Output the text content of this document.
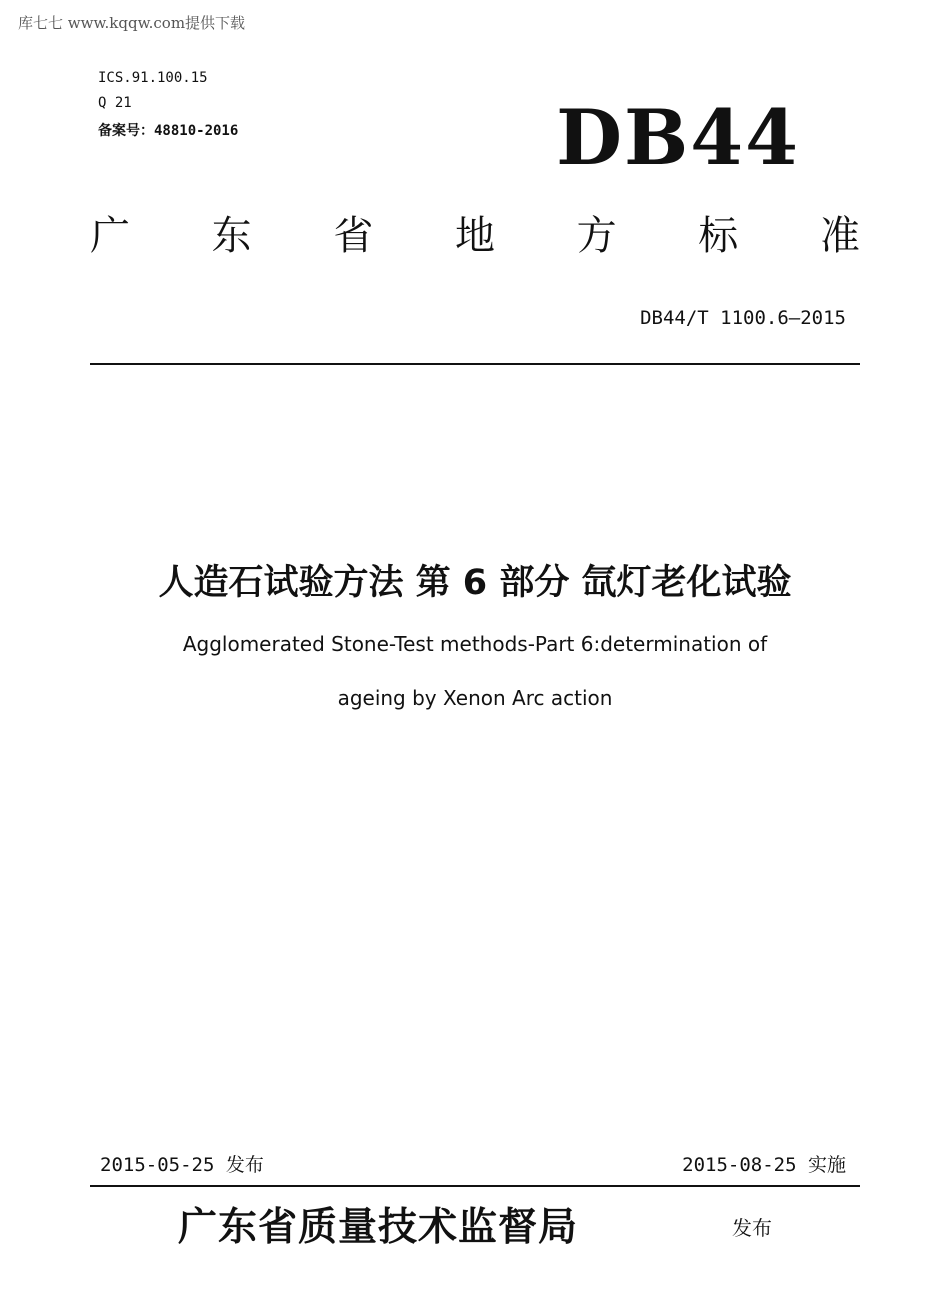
库七七 www.kqqw.com提供下载
ICS.91.100.15
Q 21
备案号：48810-2016	DB44
广 东 省 地 方 标 准
DB44/T 1100.6—2015
人造石试验方法 第 6 部分 氙灯老化试验
Agglomerated Stone-Test methods-Part 6:determination of
ageing by Xenon Arc action
2015-05-25 发布	2015-08-25 实施
广东省质量技术监督局	发布
